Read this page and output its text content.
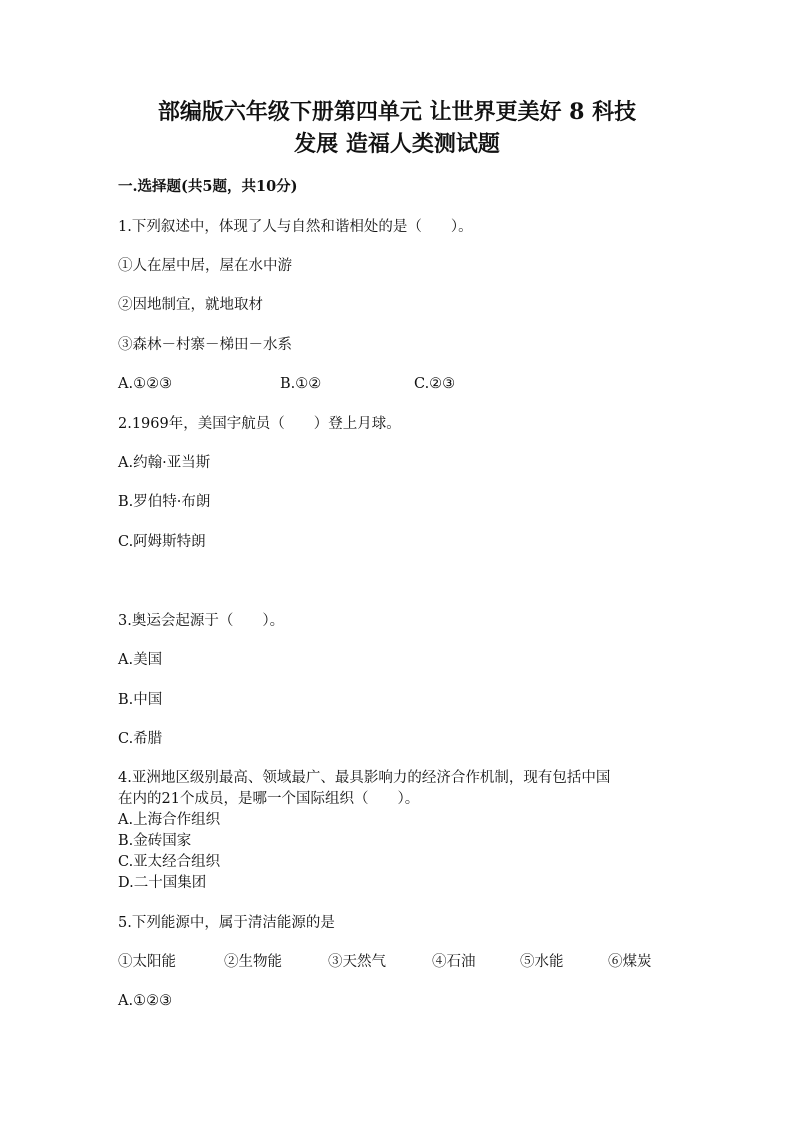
部编版六年级下册第四单元 让世界更美好 8 科技
发展 造福人类测试题
一.选择题(共5题，共10分)
1.下列叙述中，体现了人与自然和谐相处的是（　　）。
①人在屋中居，屋在水中游
②因地制宜，就地取材
③森林－村寨－梯田－水系
A.①②③	B.①②	C.②③
2.1969年，美国宇航员（　　）登上月球。
A.约翰·亚当斯
B.罗伯特·布朗
C.阿姆斯特朗
3.奥运会起源于（　　）。
A.美国
B.中国
C.希腊
4.亚洲地区级别最高、领域最广、最具影响力的经济合作机制，现有包括中国
在内的21个成员，是哪一个国际组织（　　）。
A.上海合作组织
B.金砖国家
C.亚太经合组织
D.二十国集团
5.下列能源中，属于清洁能源的是
①太阳能	②生物能	③天然气	④石油	⑤水能	⑥煤炭
A.①②③
